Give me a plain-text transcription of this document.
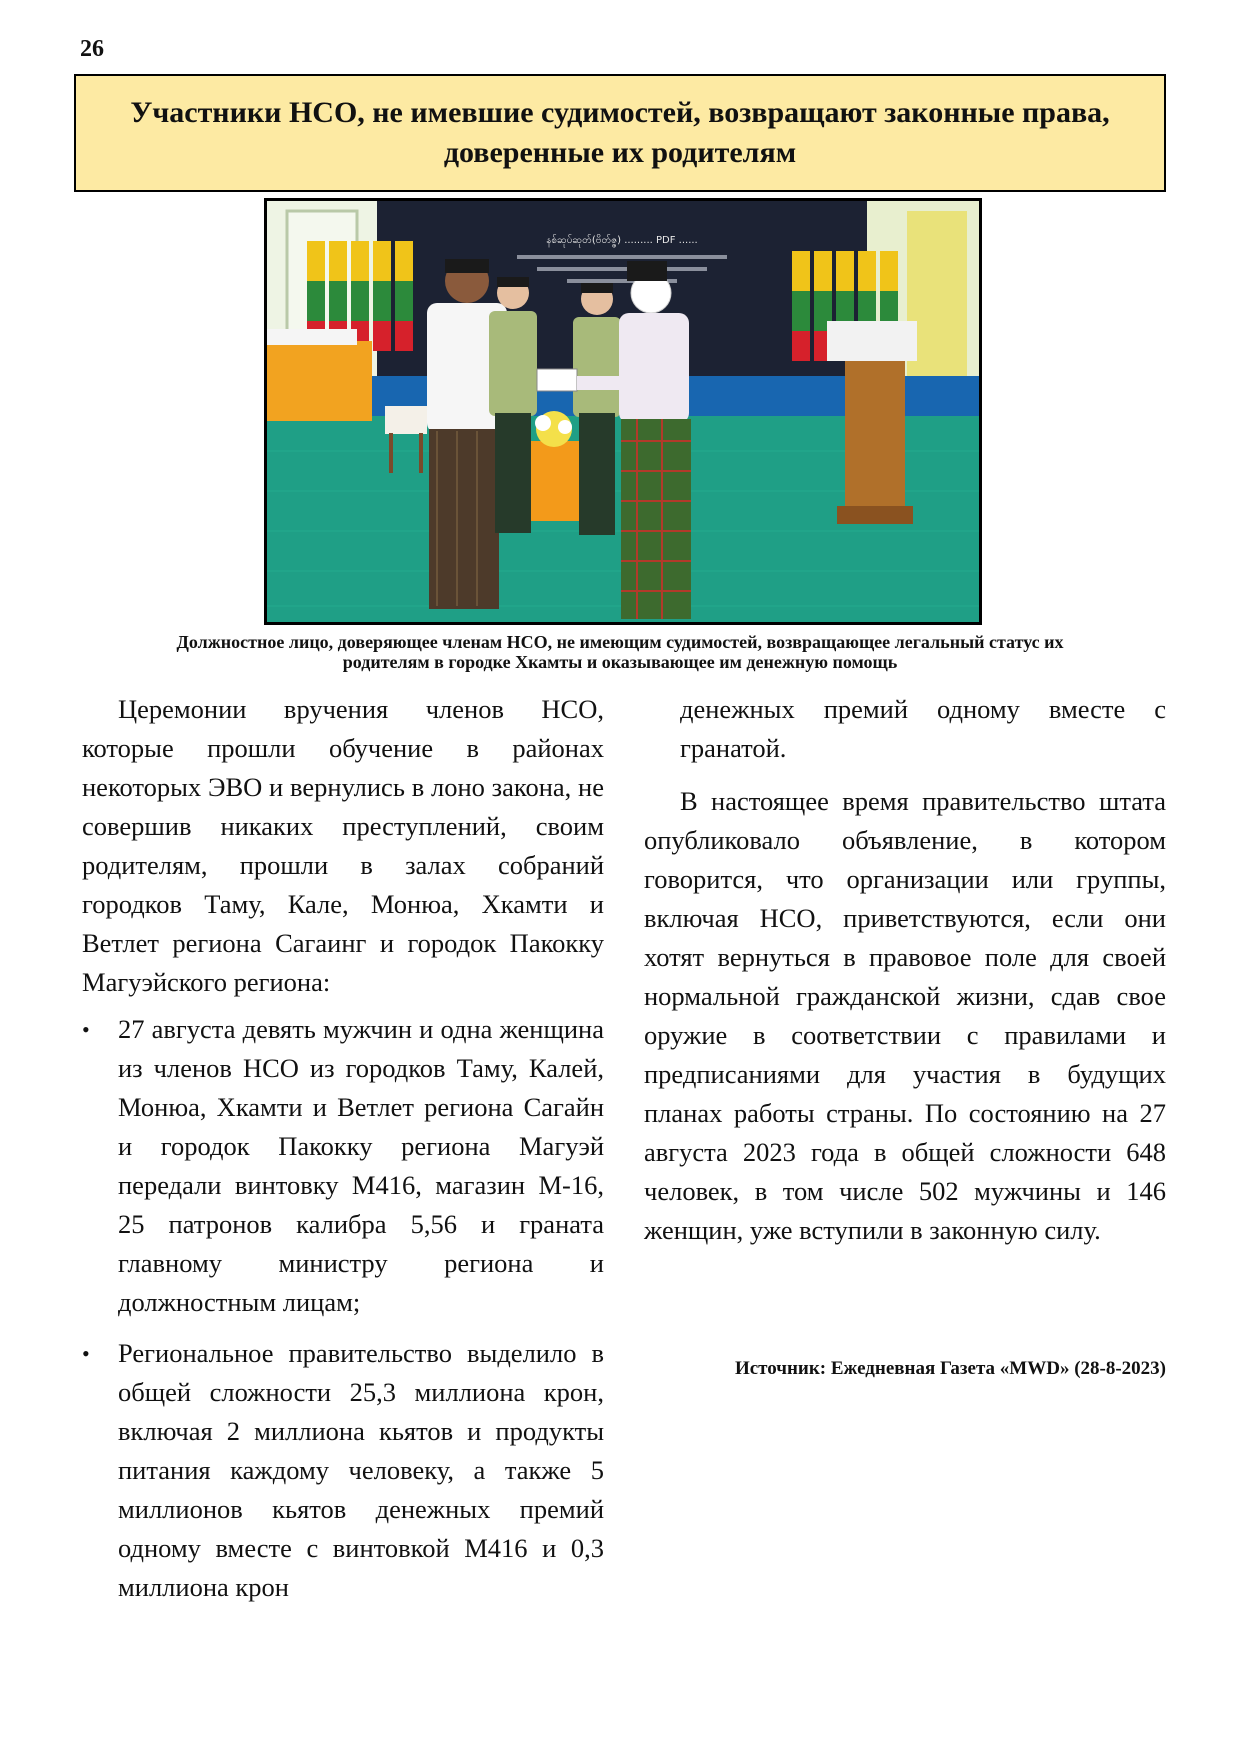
26
Участники НСО, не имевшие судимостей, возвращают законные права,
доверенные их родителям
နစ်ဆုပ်ဆုတ်(ဗိတ်ဇ္ဇ) ......... PDF ......
Должностное лицо, доверяющее членам НСО, не имеющим судимостей, возвращающее легальный статус их
родителям в городке Хкамты и оказывающее им денежную помощь

Церемонии вручения членов НСО, которые прошли обучение в районах некоторых ЭВО и вернулись в лоно закона, не совершив никаких преступлений, своим родителям, прошли в залах собраний городков Таму, Кале, Монюа, Хкамти и Ветлет региона Сагаинг и городок Пакокку Магуэйского региона:

• 27 августа девять мужчин и одна женщина из членов НСО из городков Таму, Калей, Монюа, Хкамти и Ветлет региона Сагайн и городок Пакокку региона Магуэй передали винтовку M416, магазин M-16, 25 патронов калибра 5,56 и граната главному министру региона и должностным лицам;
• Региональное правительство выделило в общей сложности 25,3 миллиона крон, включая 2 миллиона кьятов и продукты питания каждому человеку, а также 5 миллионов кьятов денежных премий одному вместе с винтовкой M416 и 0,3 миллиона крон

денежных премий одному вместе с гранатой.

В настоящее время правительство штата опубликовало объявление, в котором говорится, что организации или группы, включая НСО, приветствуются, если они хотят вернуться в правовое поле для своей нормальной гражданской жизни, сдав свое оружие в соответствии с правилами и предписаниями для участия в будущих планах работы страны. По состоянию на 27 августа 2023 года в общей сложности 648 человек, в том числе 502 мужчины и 146 женщин, уже вступили в законную силу.

Источник: Ежедневная Газета «MWD» (28-8-2023)
